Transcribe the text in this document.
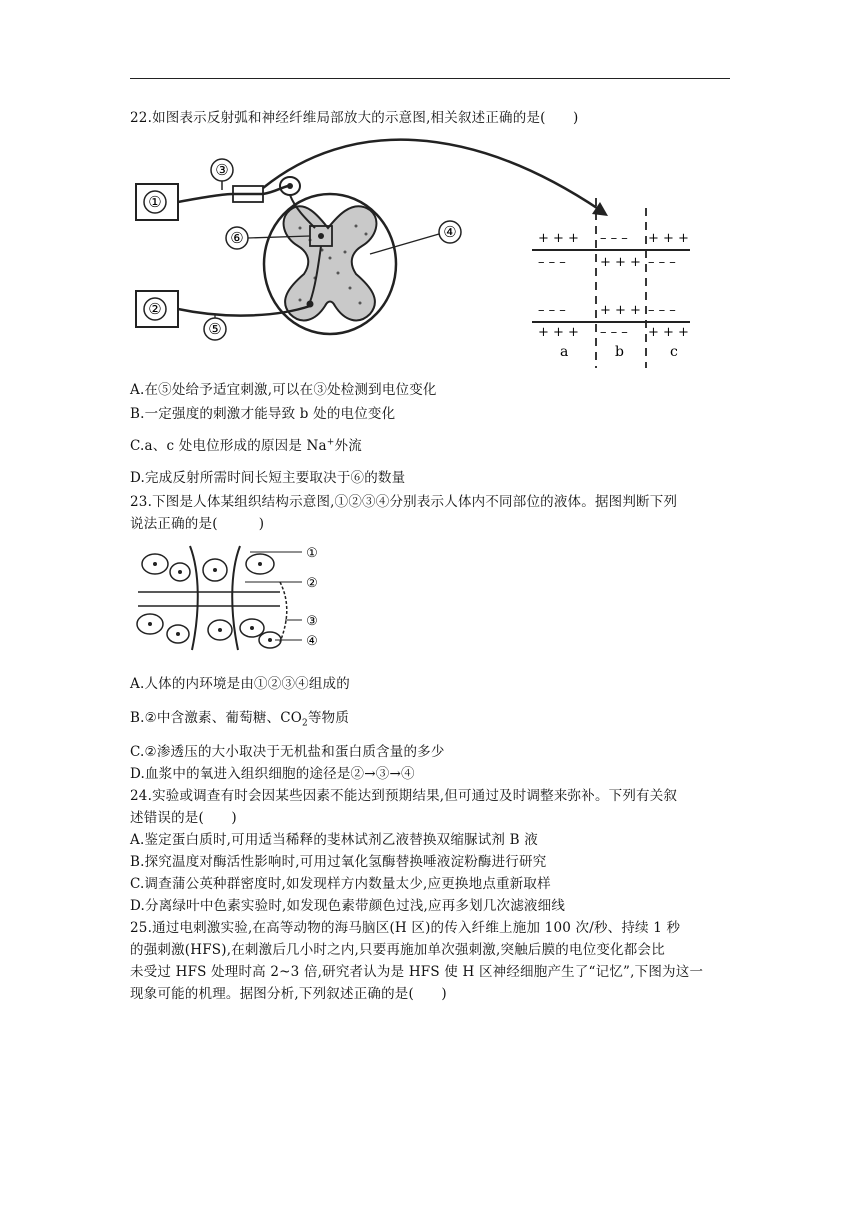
22.如图表示反射弧和神经纤维局部放大的示意图,相关叙述正确的是(　　)
①
②
③
⑥	④
⑤
+ + + – – – + + +
– – –	+ + + – – –
– – –	+ + + – – –
+ + + – – – + + +
a	b	c
A.在⑤处给予适宜刺激,可以在③处检测到电位变化
B.一定强度的刺激才能导致 b 处的电位变化
C.a、c 处电位形成的原因是 Na+外流
D.完成反射所需时间长短主要取决于⑥的数量
23.下图是人体某组织结构示意图,①②③④分别表示人体内不同部位的液体。据图判断下列
说法正确的是(　　　)
①
②
③
④
A.人体的内环境是由①②③④组成的
B.②中含激素、葡萄糖、$CO_2$等物质
C.②渗透压的大小取决于无机盐和蛋白质含量的多少
D.血浆中的氧进入组织细胞的途径是②→③→④
24.实验或调查有时会因某些因素不能达到预期结果,但可通过及时调整来弥补。下列有关叙
述错误的是(　　)
A.鉴定蛋白质时,可用适当稀释的斐林试剂乙液替换双缩脲试剂 B 液
B.探究温度对酶活性影响时,可用过氧化氢酶替换唾液淀粉酶进行研究
C.调查蒲公英种群密度时,如发现样方内数量太少,应更换地点重新取样
D.分离绿叶中色素实验时,如发现色素带颜色过浅,应再多划几次滤液细线
25.通过电刺激实验,在高等动物的海马脑区(H 区)的传入纤维上施加 100 次/秒、持续 1 秒
的强刺激(HFS),在刺激后几小时之内,只要再施加单次强刺激,突触后膜的电位变化都会比
未受过 HFS 处理时高 2~3 倍,研究者认为是 HFS 使 H 区神经细胞产生了“记忆”,下图为这一
现象可能的机理。据图分析,下列叙述正确的是(　　)
